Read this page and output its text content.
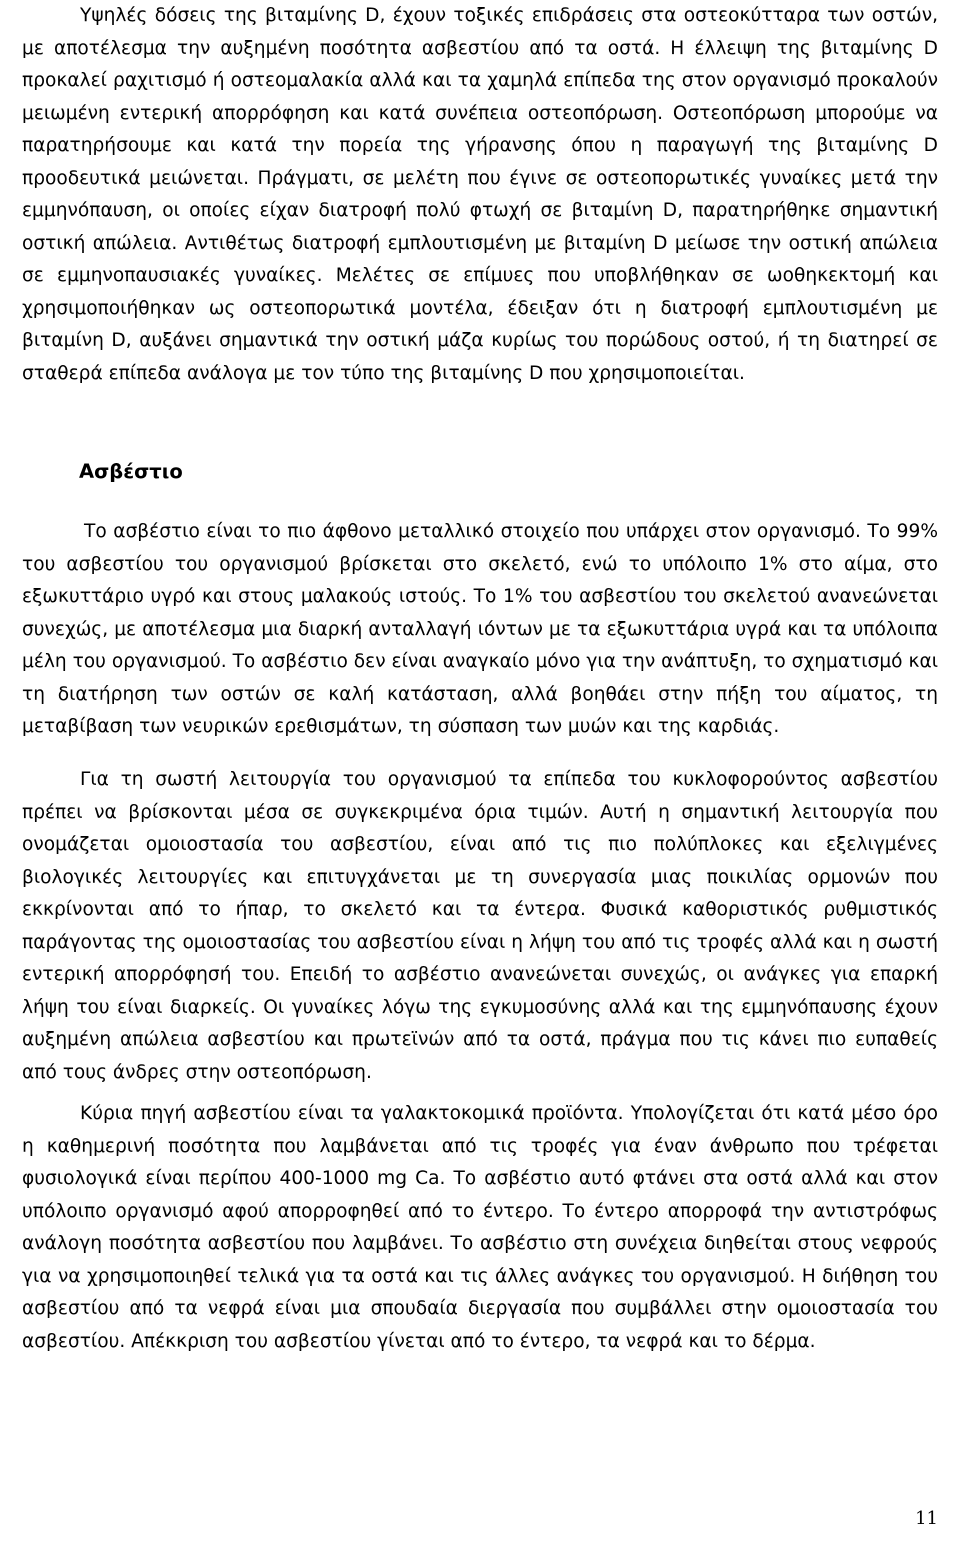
Υψηλές δόσεις της βιταμίνης D, έχουν τοξικές επιδράσεις στα οστεοκύτταρα των οστών, με αποτέλεσμα την αυξημένη ποσότητα ασβεστίου από τα οστά. Η έλλειψη της βιταμίνης D προκαλεί ραχιτισμό ή οστεομαλακία αλλά και τα χαμηλά επίπεδα της στον οργανισμό προκαλούν μειωμένη εντερική απορρόφηση και κατά συνέπεια οστεοπόρωση. Οστεοπόρωση μπορούμε να παρατηρήσουμε και κατά την πορεία της γήρανσης όπου η παραγωγή της βιταμίνης D προοδευτικά μειώνεται. Πράγματι, σε μελέτη που έγινε σε οστεοπορωτικές γυναίκες μετά την εμμηνόπαυση, οι οποίες είχαν διατροφή πολύ φτωχή σε βιταμίνη D, παρατηρήθηκε σημαντική οστική απώλεια. Αντιθέτως διατροφή εμπλουτισμένη με βιταμίνη D μείωσε την οστική απώλεια σε εμμηνοπαυσιακές γυναίκες. Μελέτες σε επίμυες που υποβλήθηκαν σε ωοθηκεκτομή και χρησιμοποιήθηκαν ως οστεοπορωτικά μοντέλα, έδειξαν ότι η διατροφή εμπλουτισμένη με βιταμίνη D, αυξάνει σημαντικά την οστική μάζα κυρίως του πορώδους οστού, ή τη διατηρεί σε σταθερά επίπεδα ανάλογα με τον τύπο της βιταμίνης D που χρησιμοποιείται.

Ασβέστιο

Το ασβέστιο είναι το πιο άφθονο μεταλλικό στοιχείο που υπάρχει στον οργανισμό. Το 99% του ασβεστίου του οργανισμού βρίσκεται στο σκελετό, ενώ το υπόλοιπο 1% στο αίμα, στο εξωκυττάριο υγρό και στους μαλακούς ιστούς. Το 1% του ασβεστίου του σκελετού ανανεώνεται συνεχώς, με αποτέλεσμα μια διαρκή ανταλλαγή ιόντων με τα εξωκυττάρια υγρά και τα υπόλοιπα μέλη του οργανισμού. Το ασβέστιο δεν είναι αναγκαίο μόνο για την ανάπτυξη, το σχηματισμό και τη διατήρηση των οστών σε καλή κατάσταση, αλλά βοηθάει στην πήξη του αίματος, τη μεταβίβαση των νευρικών ερεθισμάτων, τη σύσπαση των μυών και της καρδιάς.

Για τη σωστή λειτουργία του οργανισμού τα επίπεδα του κυκλοφορούντος ασβεστίου πρέπει να βρίσκονται μέσα σε συγκεκριμένα όρια τιμών. Αυτή η σημαντική λειτουργία που ονομάζεται ομοιοστασία του ασβεστίου, είναι από τις πιο πολύπλοκες και εξελιγμένες βιολογικές λειτουργίες και επιτυγχάνεται με τη συνεργασία μιας ποικιλίας ορμονών που εκκρίνονται από το ήπαρ, το σκελετό και τα έντερα. Φυσικά καθοριστικός ρυθμιστικός παράγοντας της ομοιοστασίας του ασβεστίου είναι η λήψη του από τις τροφές αλλά και η σωστή εντερική απορρόφησή του. Επειδή το ασβέστιο ανανεώνεται συνεχώς, οι ανάγκες για επαρκή λήψη του είναι διαρκείς. Οι γυναίκες λόγω της εγκυμοσύνης αλλά και της εμμηνόπαυσης έχουν αυξημένη απώλεια ασβεστίου και πρωτεϊνών από τα οστά, πράγμα που τις κάνει πιο ευπαθείς από τους άνδρες στην οστεοπόρωση.

Κύρια πηγή ασβεστίου είναι τα γαλακτοκομικά προϊόντα. Υπολογίζεται ότι κατά μέσο όρο η καθημερινή ποσότητα που λαμβάνεται από τις τροφές για έναν άνθρωπο που τρέφεται φυσιολογικά είναι περίπου 400-1000 mg Ca. Το ασβέστιο αυτό φτάνει στα οστά αλλά και στον υπόλοιπο οργανισμό αφού απορροφηθεί από το έντερο. Το έντερο απορροφά την αντιστρόφως ανάλογη ποσότητα ασβεστίου που λαμβάνει. Το ασβέστιο στη συνέχεια διηθείται στους νεφρούς για να χρησιμοποιηθεί τελικά για τα οστά και τις άλλες ανάγκες του οργανισμού. Η διήθηση του ασβεστίου από τα νεφρά είναι μια σπουδαία διεργασία που συμβάλλει στην ομοιοστασία του ασβεστίου. Απέκκριση του ασβεστίου γίνεται από το έντερο, τα νεφρά και το δέρμα.

11
